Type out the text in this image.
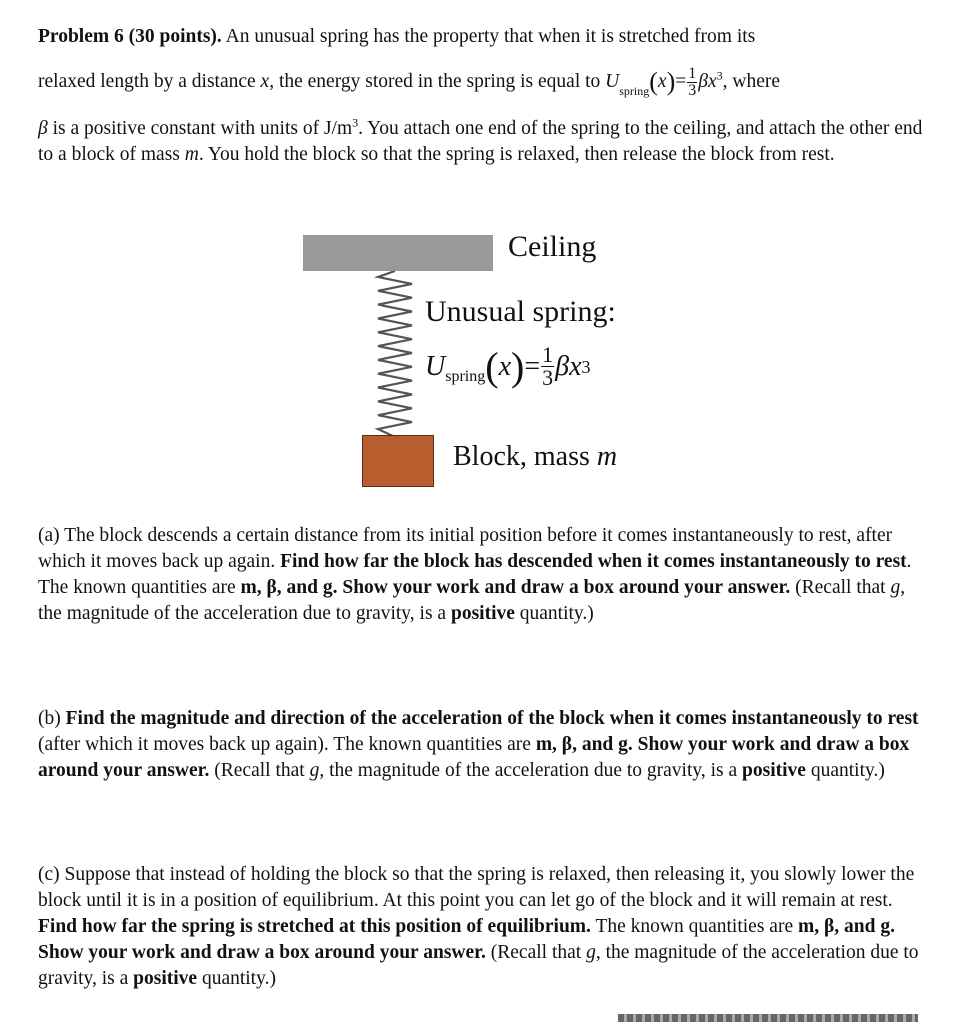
Problem 6 (30 points). An unusual spring has the property that when it is stretched from its
relaxed length by a distance x, the energy stored in the spring is equal to $U_{spring}(x)= \frac{1}{3} \beta x^3$, where
β is a positive constant with units of $J/m^3$. You attach one end of the spring to the ceiling, and attach the other end to a block of mass m. You hold the block so that the spring is relaxed, then release the block from rest.
Ceiling
Unusual spring:
U spring ( x ) = $\frac{1}{3}$ βx 3
Block, mass m
(a) The block descends a certain distance from its initial position before it comes instantaneously to rest, after which it moves back up again. Find how far the block has descended when it comes instantaneously to rest. The known quantities are m, β, and g. Show your work and draw a box around your answer. (Recall that g, the magnitude of the acceleration due to gravity, is a positive quantity.)
(b) Find the magnitude and direction of the acceleration of the block when it comes instantaneously to rest (after which it moves back up again). The known quantities are m, β, and g. Show your work and draw a box around your answer. (Recall that g, the magnitude of the acceleration due to gravity, is a positive quantity.)
(c) Suppose that instead of holding the block so that the spring is relaxed, then releasing it, you slowly lower the block until it is in a position of equilibrium. At this point you can let go of the block and it will remain at rest. Find how far the spring is stretched at this position of equilibrium. The known quantities are m, β, and g. Show your work and draw a box around your answer. (Recall that g, the magnitude of the acceleration due to gravity, is a positive quantity.)
